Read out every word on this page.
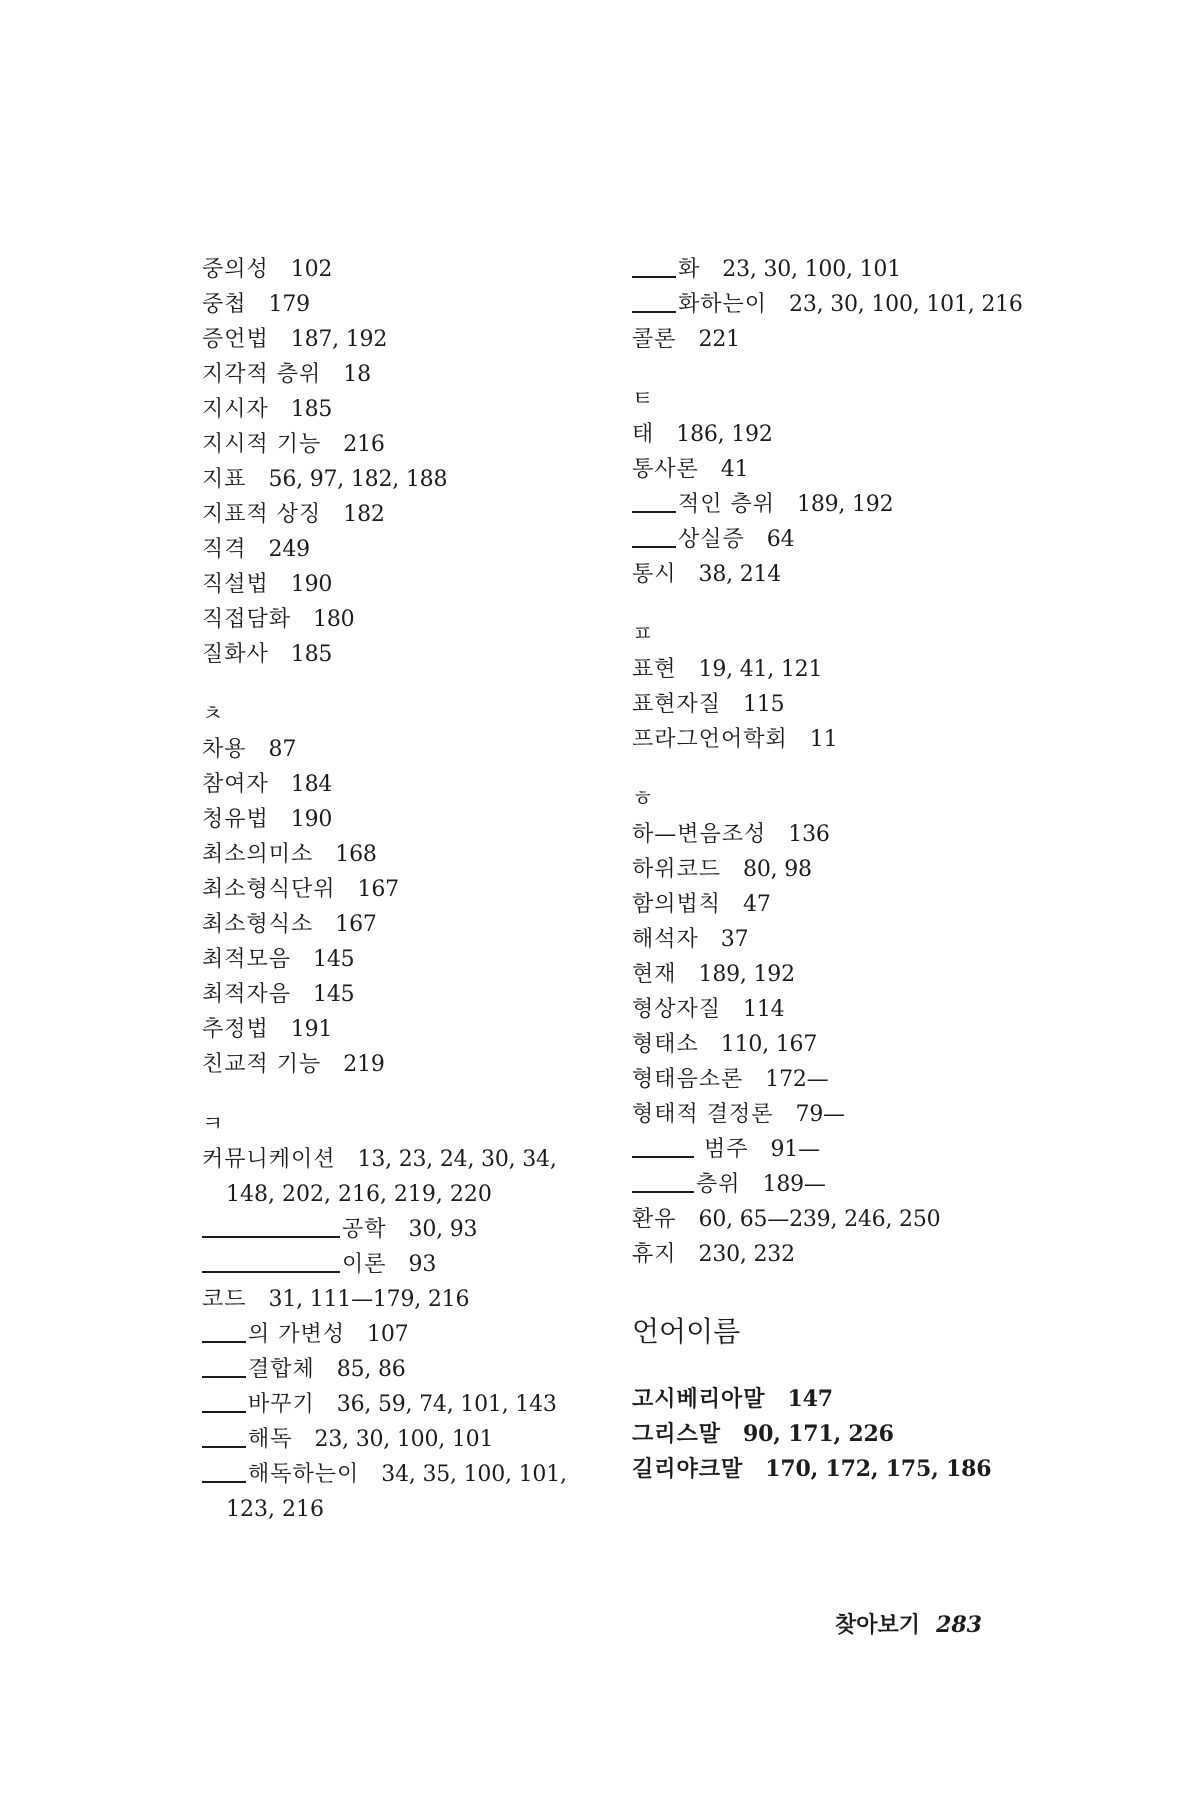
중의성 102
중첩 179
증언법 187, 192
지각적 층위 18
지시자 185
지시적 기능 216
지표 56, 97, 182, 188
지표적 상징 182
직격 249
직설법 190
직접담화 180
질화사 185
ㅊ
차용 87
참여자 184
청유법 190
최소의미소 168
최소형식단위 167
최소형식소 167
최적모음 145
최적자음 145
추정법 191
친교적 기능 219
ㅋ
커뮤니케이션 13, 23, 24, 30, 34,
148, 202, 216, 219, 220
공학 30, 93
이론 93
코드 31, 111—179, 216
의 가변성 107
결합체 85, 86
바꾸기 36, 59, 74, 101, 143
해독 23, 30, 100, 101
해독하는이 34, 35, 100, 101,
123, 216
화 23, 30, 100, 101
화하는이 23, 30, 100, 101, 216
콜론 221
ㅌ
태 186, 192
통사론 41
적인 층위 189, 192
상실증 64
통시 38, 214
ㅍ
표현 19, 41, 121
표현자질 115
프라그언어학회 11
ㅎ
하—변음조성 136
하위코드 80, 98
함의법칙 47
해석자 37
현재 189, 192
형상자질 114
형태소 110, 167
형태음소론 172—
형태적 결정론 79—
범주 91—
층위 189—
환유 60, 65—239, 246, 250
휴지 230, 232
언어이름
고시베리아말 147
그리스말 90, 171, 226
길리야크말 170, 172, 175, 186
찾아보기 283
